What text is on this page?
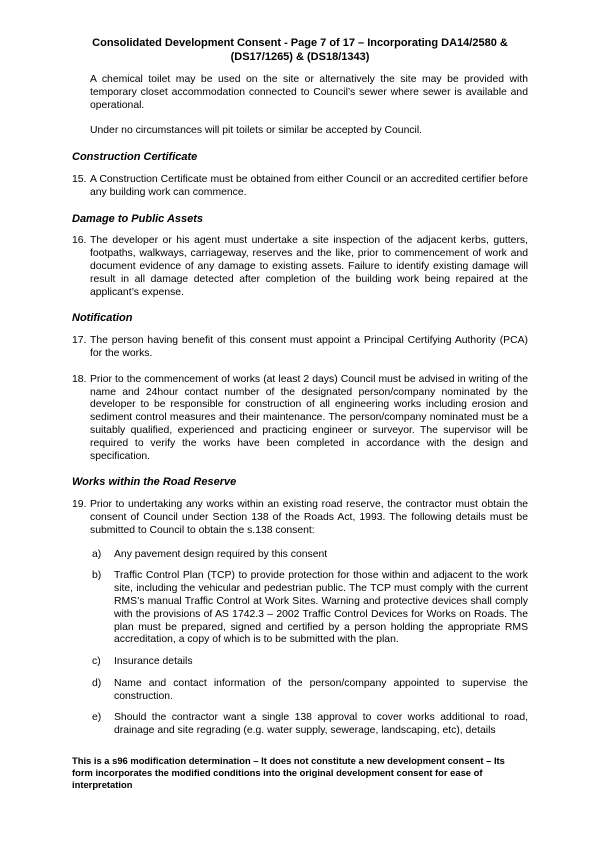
Consolidated Development Consent - Page 7 of 17 – Incorporating DA14/2580 &
(DS17/1265) & (DS18/1343)

A chemical toilet may be used on the site or alternatively the site may be provided with temporary closet accommodation connected to Council’s sewer where sewer is available and operational.

Under no circumstances will pit toilets or similar be accepted by Council.

Construction Certificate
15. A Construction Certificate must be obtained from either Council or an accredited certifier before any building work can commence.

Damage to Public Assets
16. The developer or his agent must undertake a site inspection of the adjacent kerbs, gutters, footpaths, walkways, carriageway, reserves and the like, prior to commencement of work and document evidence of any damage to existing assets. Failure to identify existing damage will result in all damage detected after completion of the building work being repaired at the applicant’s expense.

Notification
17. The person having benefit of this consent must appoint a Principal Certifying Authority (PCA) for the works.

18. Prior to the commencement of works (at least 2 days) Council must be advised in writing of the name and 24hour contact number of the designated person/company nominated by the developer to be responsible for construction of all engineering works including erosion and sediment control measures and their maintenance. The person/company nominated must be a suitably qualified, experienced and practicing engineer or surveyor. The supervisor will be required to verify the works have been completed in accordance with the design and specification.

Works within the Road Reserve
19. Prior to undertaking any works within an existing road reserve, the contractor must obtain the consent of Council under Section 138 of the Roads Act, 1993. The following details must be submitted to Council to obtain the s.138 consent:

a) Any pavement design required by this consent

b) Traffic Control Plan (TCP) to provide protection for those within and adjacent to the work site, including the vehicular and pedestrian public. The TCP must comply with the current RMS’s manual Traffic Control at Work Sites. Warning and protective devices shall comply with the provisions of AS 1742.3 – 2002 Traffic Control Devices for Works on Roads. The plan must be prepared, signed and certified by a person holding the appropriate RMS accreditation, a copy of which is to be submitted with the plan.

c) Insurance details

d) Name and contact information of the person/company appointed to supervise the construction.

e) Should the contractor want a single 138 approval to cover works additional to road, drainage and site regrading (e.g. water supply, sewerage, landscaping, etc), details

This is a s96 modification determination – It does not constitute a new development consent – Its form incorporates the modified conditions into the original development consent for ease of interpretation
